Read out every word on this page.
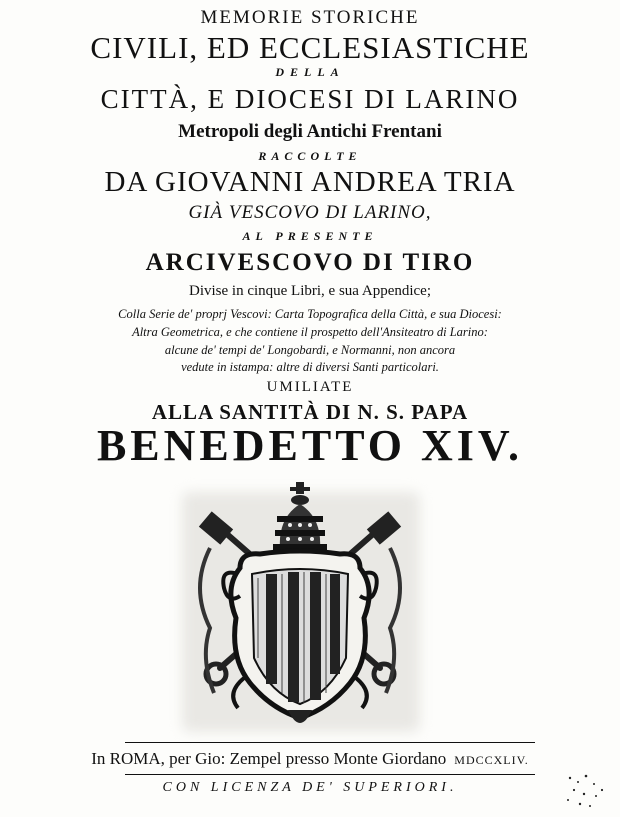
MEMORIE STORICHE
CIVILI, ED ECCLESIASTICHE
DELLA
CITTÀ, E DIOCESI DI LARINO
Metropoli degli Antichi Frentani
RACCOLTE
DA GIOVANNI ANDREA TRIA
GIÀ VESCOVO DI LARINO,
AL PRESENTE
ARCIVESCOVO DI TIRO
Divise in cinque Libri, e sua Appendice;
Colla Serie de' proprj Vescovi: Carta Topografica della Città, e sua Diocesi:
Altra Geometrica, e che contiene il prospetto dell'Ansiteatro di Larino:
alcune de' tempi de' Longobardi, e Normanni, non ancora
vedute in istampa: altre di diversi Santi particolari.
UMILIATE
ALLA SANTITÀ DI N. S. PAPA
BENEDETTO XIV.
In ROMA, per Gio: Zempel presso Monte Giordano MDCCXLIV.
CON LICENZA DE' SUPERIORI.
